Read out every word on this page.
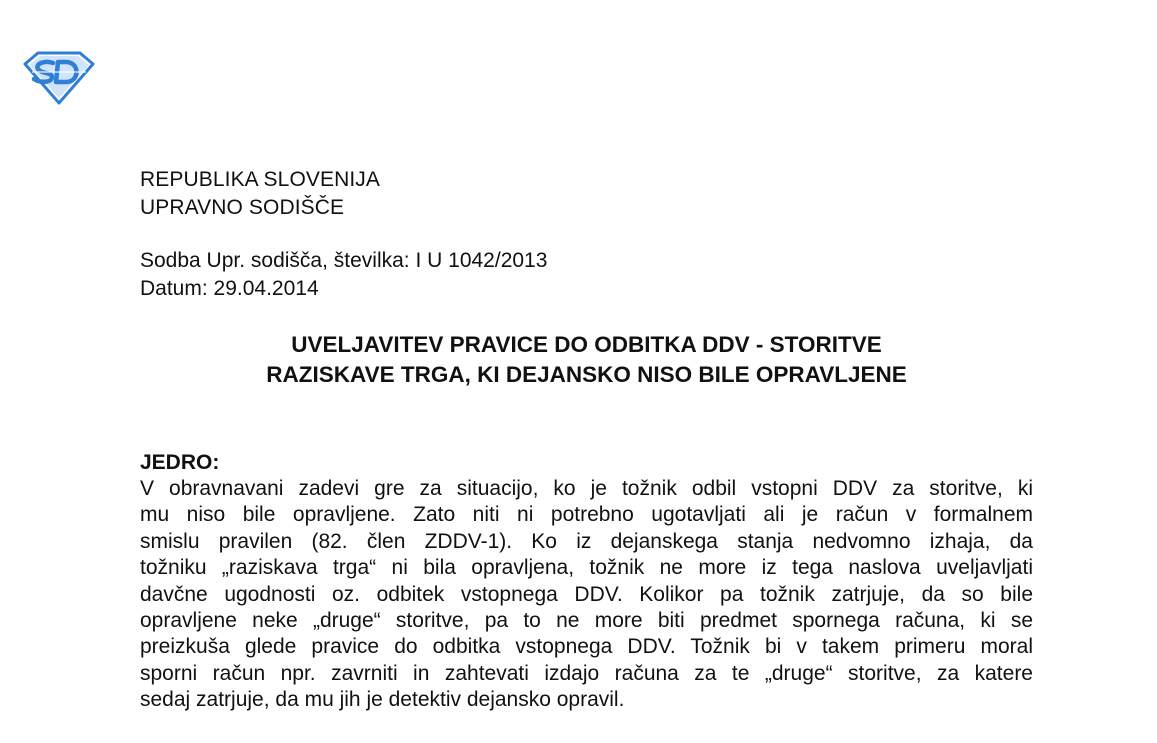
REPUBLIKA SLOVENIJA
UPRAVNO SODIŠČE
Sodba Upr. sodišča, številka: I U 1042/2013
Datum: 29.04.2014
UVELJAVITEV PRAVICE DO ODBITKA DDV - STORITVE
RAZISKAVE TRGA, KI DEJANSKO NISO BILE OPRAVLJENE
JEDRO:
V obravnavani zadevi gre za situacijo, ko je tožnik odbil vstopni DDV za storitve, ki
mu niso bile opravljene. Zato niti ni potrebno ugotavljati ali je račun v formalnem
smislu pravilen (82. člen ZDDV-1). Ko iz dejanskega stanja nedvomno izhaja, da
tožniku „raziskava trga“ ni bila opravljena, tožnik ne more iz tega naslova uveljavljati
davčne ugodnosti oz. odbitek vstopnega DDV. Kolikor pa tožnik zatrjuje, da so bile
opravljene neke „druge“ storitve, pa to ne more biti predmet spornega računa, ki se
preizkuša glede pravice do odbitka vstopnega DDV. Tožnik bi v takem primeru moral
sporni račun npr. zavrniti in zahtevati izdajo računa za te „druge“ storitve, za katere
sedaj zatrjuje, da mu jih je detektiv dejansko opravil.
